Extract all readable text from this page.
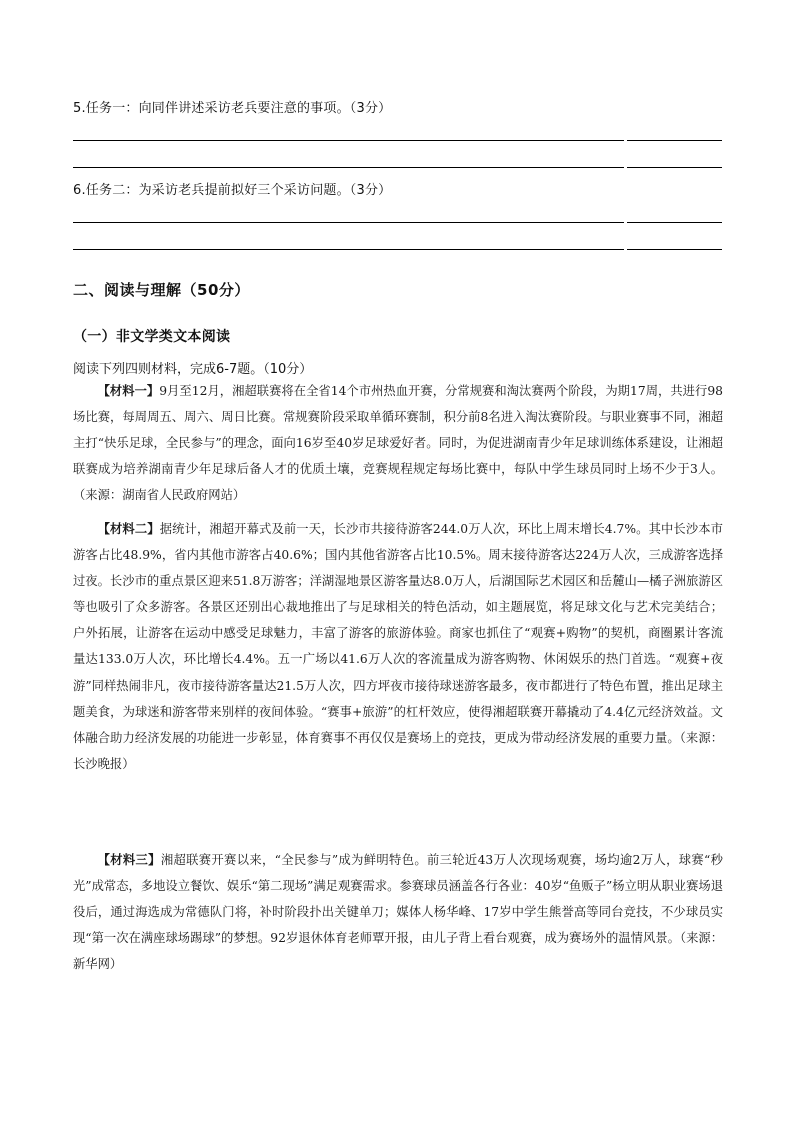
5.任务一：向同伴讲述采访老兵要注意的事项。（3分）
6.任务二：为采访老兵提前拟好三个采访问题。（3分）
二、阅读与理解（50分）
（一）非文学类文本阅读
阅读下列四则材料，完成6-7题。（10分）
【材料一】9月至12月，湘超联赛将在全省14个市州热血开赛，分常规赛和淘汰赛两个阶段，为期17周，共进行98场比赛，每周周五、周六、周日比赛。常规赛阶段采取单循环赛制，积分前8名进入淘汰赛阶段。与职业赛事不同，湘超主打“快乐足球，全民参与”的理念，面向16岁至40岁足球爱好者。同时，为促进湖南青少年足球训练体系建设，让湘超联赛成为培养湖南青少年足球后备人才的优质土壤，竞赛规程规定每场比赛中，每队中学生球员同时上场不少于3人。（来源：湖南省人民政府网站）
【材料二】据统计，湘超开幕式及前一天，长沙市共接待游客244.0万人次，环比上周末增长4.7%。其中长沙本市游客占比48.9%，省内其他市游客占40.6%；国内其他省游客占比10.5%。周末接待游客达224万人次，三成游客选择过夜。长沙市的重点景区迎来51.8万游客；洋湖湿地景区游客量达8.0万人，后湖国际艺术园区和岳麓山—橘子洲旅游区等也吸引了众多游客。各景区还别出心裁地推出了与足球相关的特色活动，如主题展览，将足球文化与艺术完美结合；户外拓展，让游客在运动中感受足球魅力，丰富了游客的旅游体验。商家也抓住了“观赛+购物”的契机，商圈累计客流量达133.0万人次，环比增长4.4%。五一广场以41.6万人次的客流量成为游客购物、休闲娱乐的热门首选。“观赛+夜游”同样热闹非凡，夜市接待游客量达21.5万人次，四方坪夜市接待球迷游客最多，夜市都进行了特色布置，推出足球主题美食，为球迷和游客带来别样的夜间体验。“赛事+旅游”的杠杆效应，使得湘超联赛开幕撬动了4.4亿元经济效益。文体融合助力经济发展的功能进一步彰显，体育赛事不再仅仅是赛场上的竞技，更成为带动经济发展的重要力量。（来源：长沙晚报）
【材料三】湘超联赛开赛以来，“全民参与”成为鲜明特色。前三轮近43万人次现场观赛，场均逾2万人，球赛“秒光”成常态，多地设立餐饮、娱乐“第二现场”满足观赛需求。参赛球员涵盖各行各业：40岁“鱼贩子”杨立明从职业赛场退役后，通过海选成为常德队门将，补时阶段扑出关键单刀；媒体人杨华峰、17岁中学生熊誉高等同台竞技，不少球员实现“第一次在满座球场踢球”的梦想。92岁退休体育老师覃开报，由儿子背上看台观赛，成为赛场外的温情风景。（来源：新华网）
